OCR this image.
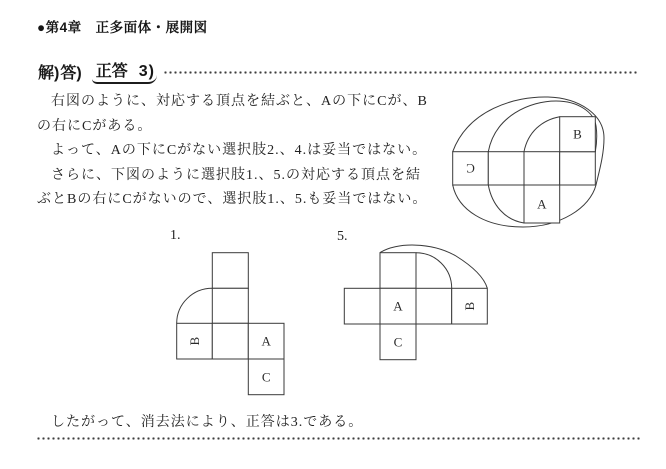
●第4章　正多面体・展開図
解 ) 答 ) 正答 3 )
右図のように、対応する頂点を結ぶと、Aの下にCが、B
の右にCがある。
よって、Aの下にCがない選択肢2.、4.は妥当ではない。
さらに、下図のように選択肢1.、5.の対応する頂点を結
ぶとBの右にCがないので、選択肢1.、5.も妥当ではない。
C
B
A
1.
B	A
C
5.
A	B
C
したがって、消去法により、正答は3.である。
